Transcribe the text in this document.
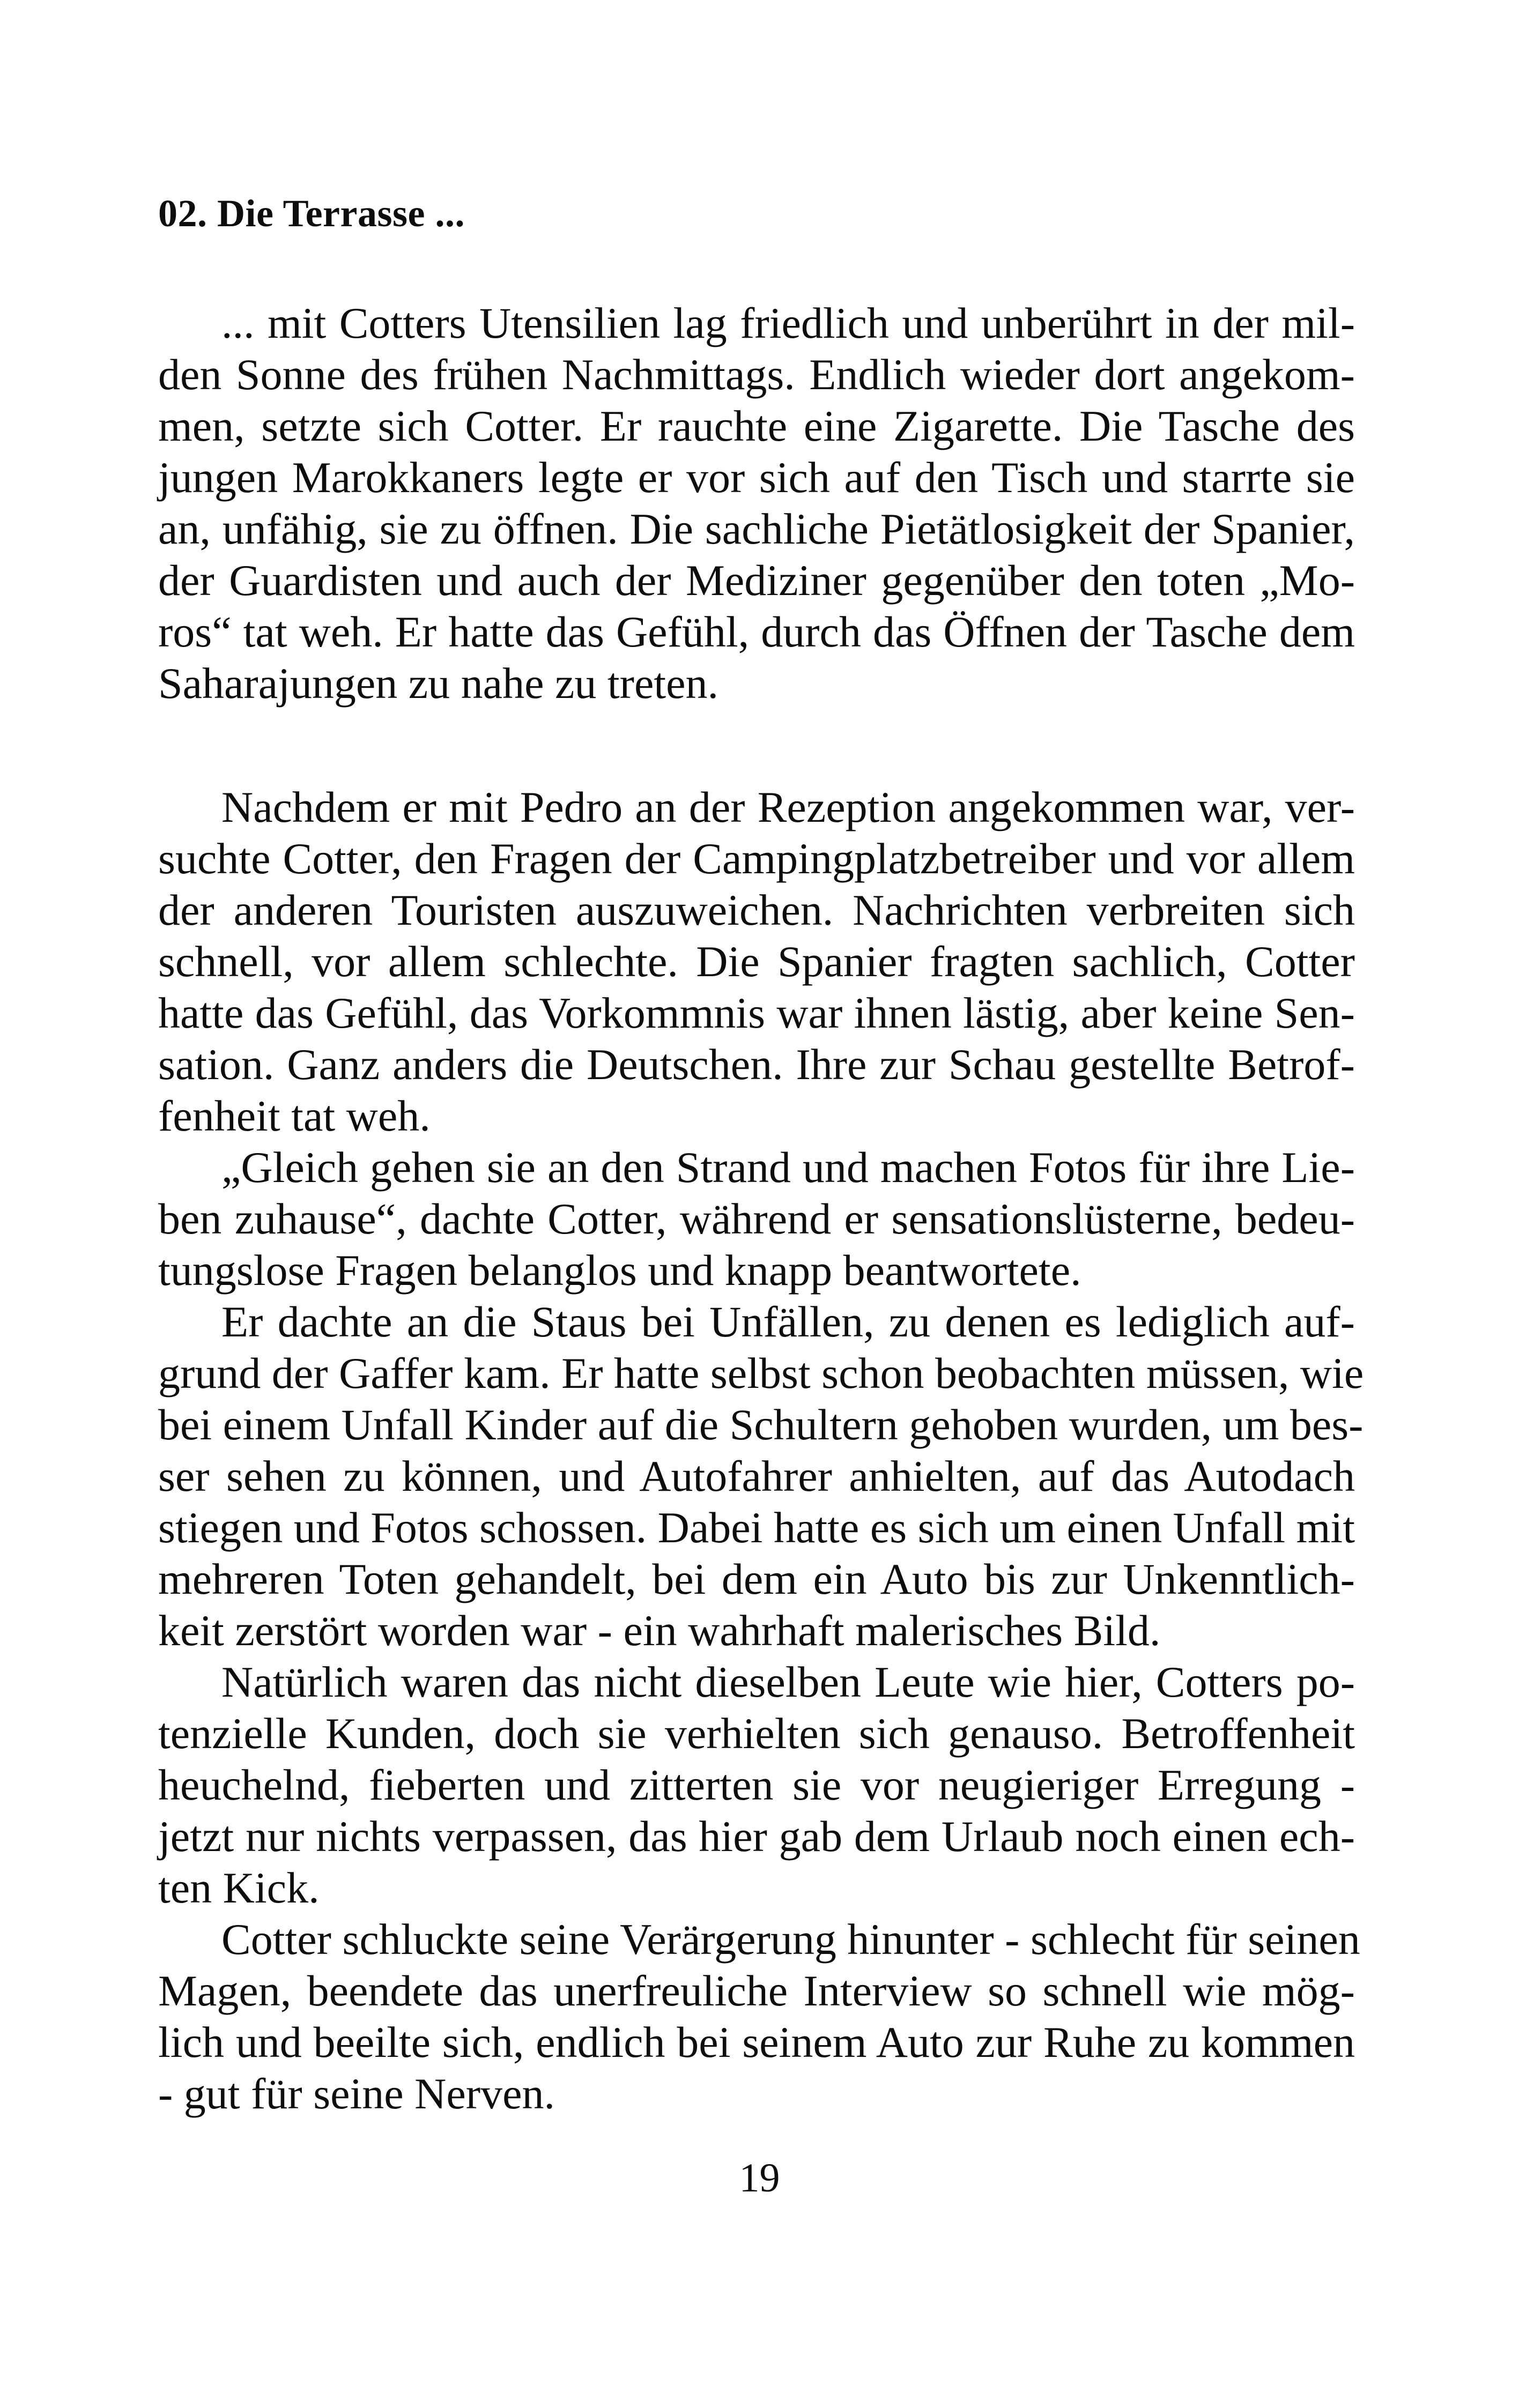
02. Die Terrasse ...
... mit Cotters Utensilien lag friedlich und unberührt in der mil-
den Sonne des frühen Nachmittags. Endlich wieder dort angekom-
men, setzte sich Cotter. Er rauchte eine Zigarette. Die Tasche des
jungen Marokkaners legte er vor sich auf den Tisch und starrte sie
an, unfähig, sie zu öffnen. Die sachliche Pietätlosigkeit der Spanier,
der Guardisten und auch der Mediziner gegenüber den toten „Mo-
ros“ tat weh. Er hatte das Gefühl, durch das Öffnen der Tasche dem
Saharajungen zu nahe zu treten.
Nachdem er mit Pedro an der Rezeption angekommen war, ver-
suchte Cotter, den Fragen der Campingplatzbetreiber und vor allem
der anderen Touristen auszuweichen. Nachrichten verbreiten sich
schnell, vor allem schlechte. Die Spanier fragten sachlich, Cotter
hatte das Gefühl, das Vorkommnis war ihnen lästig, aber keine Sen-
sation. Ganz anders die Deutschen. Ihre zur Schau gestellte Betrof-
fenheit tat weh.
„Gleich gehen sie an den Strand und machen Fotos für ihre Lie-
ben zuhause“, dachte Cotter, während er sensationslüsterne, bedeu-
tungslose Fragen belanglos und knapp beantwortete.
Er dachte an die Staus bei Unfällen, zu denen es lediglich auf-
grund der Gaffer kam. Er hatte selbst schon beobachten müssen, wie
bei einem Unfall Kinder auf die Schultern gehoben wurden, um bes-
ser sehen zu können, und Autofahrer anhielten, auf das Autodach
stiegen und Fotos schossen. Dabei hatte es sich um einen Unfall mit
mehreren Toten gehandelt, bei dem ein Auto bis zur Unkenntlich-
keit zerstört worden war - ein wahrhaft malerisches Bild.
Natürlich waren das nicht dieselben Leute wie hier, Cotters po-
tenzielle Kunden, doch sie verhielten sich genauso. Betroffenheit
heuchelnd, fieberten und zitterten sie vor neugieriger Erregung -
jetzt nur nichts verpassen, das hier gab dem Urlaub noch einen ech-
ten Kick.
Cotter schluckte seine Verärgerung hinunter - schlecht für seinen
Magen, beendete das unerfreuliche Interview so schnell wie mög-
lich und beeilte sich, endlich bei seinem Auto zur Ruhe zu kommen
- gut für seine Nerven.
19
